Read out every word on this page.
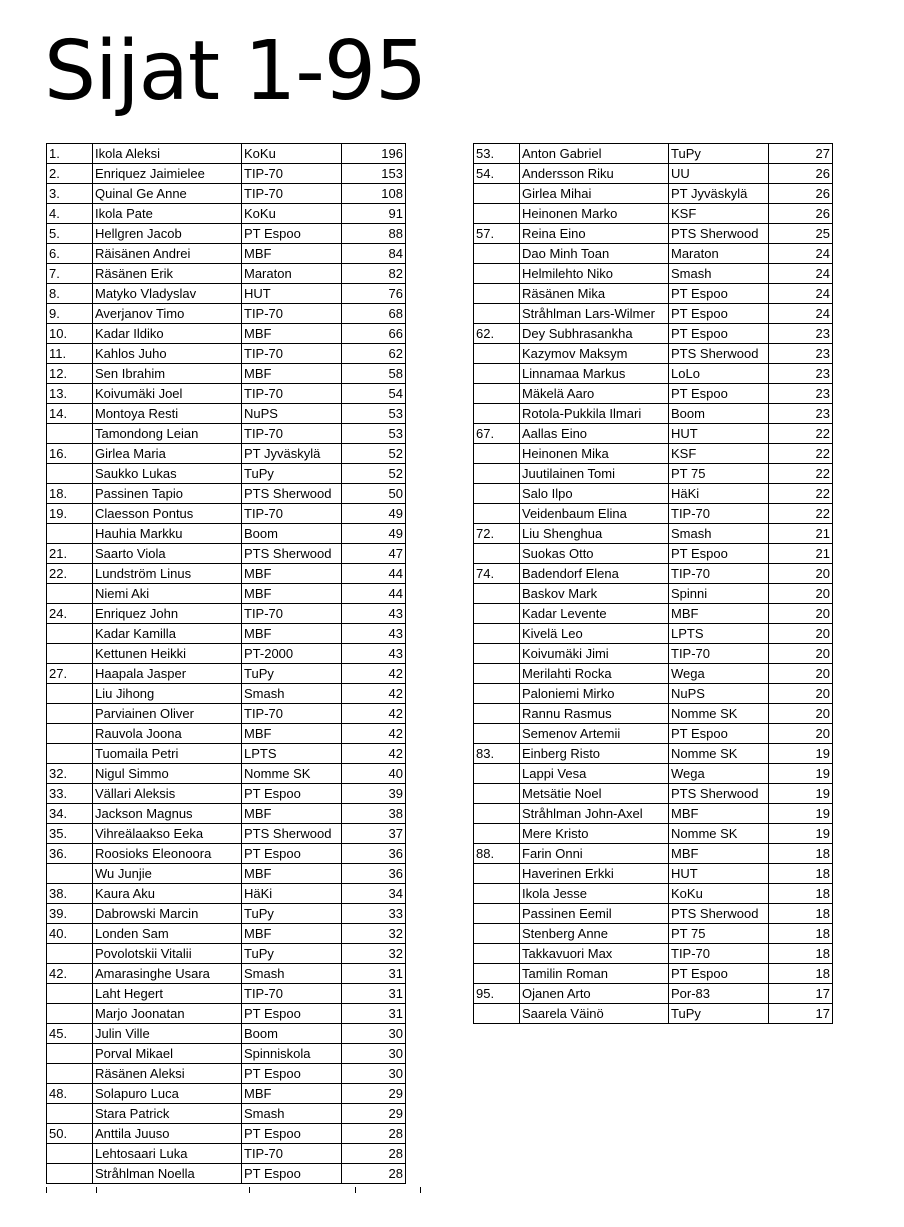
Sijat 1-95
1.	Ikola Aleksi	KoKu	196
2.	Enriquez Jaimielee	TIP-70	153
3.	Quinal Ge Anne	TIP-70	108
4.	Ikola Pate	KoKu	91
5.	Hellgren Jacob	PT Espoo	88
6.	Räisänen Andrei	MBF	84
7.	Räsänen Erik	Maraton	82
8.	Matyko Vladyslav	HUT	76
9.	Averjanov Timo	TIP-70	68
10.	Kadar Ildiko	MBF	66
11.	Kahlos Juho	TIP-70	62
12.	Sen Ibrahim	MBF	58
13.	Koivumäki Joel	TIP-70	54
14.	Montoya Resti	NuPS	53
	Tamondong Leian	TIP-70	53
16.	Girlea Maria	PT Jyväskylä	52
	Saukko Lukas	TuPy	52
18.	Passinen Tapio	PTS Sherwood	50
19.	Claesson Pontus	TIP-70	49
	Hauhia Markku	Boom	49
21.	Saarto Viola	PTS Sherwood	47
22.	Lundström Linus	MBF	44
	Niemi Aki	MBF	44
24.	Enriquez John	TIP-70	43
	Kadar Kamilla	MBF	43
	Kettunen Heikki	PT-2000	43
27.	Haapala Jasper	TuPy	42
	Liu Jihong	Smash	42
	Parviainen Oliver	TIP-70	42
	Rauvola Joona	MBF	42
	Tuomaila Petri	LPTS	42
32.	Nigul Simmo	Nomme SK	40
33.	Vällari Aleksis	PT Espoo	39
34.	Jackson Magnus	MBF	38
35.	Vihreälaakso Eeka	PTS Sherwood	37
36.	Roosioks Eleonoora	PT Espoo	36
	Wu Junjie	MBF	36
38.	Kaura Aku	HäKi	34
39.	Dabrowski Marcin	TuPy	33
40.	Londen Sam	MBF	32
	Povolotskii Vitalii	TuPy	32
42.	Amarasinghe Usara	Smash	31
	Laht Hegert	TIP-70	31
	Marjo Joonatan	PT Espoo	31
45.	Julin Ville	Boom	30
	Porval Mikael	Spinniskola	30
	Räsänen Aleksi	PT Espoo	30
48.	Solapuro Luca	MBF	29
	Stara Patrick	Smash	29
50.	Anttila Juuso	PT Espoo	28
	Lehtosaari Luka	TIP-70	28
	Stråhlman Noella	PT Espoo	28
53.	Anton Gabriel	TuPy	27
54.	Andersson Riku	UU	26
	Girlea Mihai	PT Jyväskylä	26
	Heinonen Marko	KSF	26
57.	Reina Eino	PTS Sherwood	25
	Dao Minh Toan	Maraton	24
	Helmilehto Niko	Smash	24
	Räsänen Mika	PT Espoo	24
	Stråhlman Lars-Wilmer	PT Espoo	24
62.	Dey Subhrasankha	PT Espoo	23
	Kazymov Maksym	PTS Sherwood	23
	Linnamaa Markus	LoLo	23
	Mäkelä Aaro	PT Espoo	23
	Rotola-Pukkila Ilmari	Boom	23
67.	Aallas Eino	HUT	22
	Heinonen Mika	KSF	22
	Juutilainen Tomi	PT 75	22
	Salo Ilpo	HäKi	22
	Veidenbaum Elina	TIP-70	22
72.	Liu Shenghua	Smash	21
	Suokas Otto	PT Espoo	21
74.	Badendorf Elena	TIP-70	20
	Baskov Mark	Spinni	20
	Kadar Levente	MBF	20
	Kivelä Leo	LPTS	20
	Koivumäki Jimi	TIP-70	20
	Merilahti Rocka	Wega	20
	Paloniemi Mirko	NuPS	20
	Rannu Rasmus	Nomme SK	20
	Semenov Artemii	PT Espoo	20
83.	Einberg Risto	Nomme SK	19
	Lappi Vesa	Wega	19
	Metsätie Noel	PTS Sherwood	19
	Stråhlman John-Axel	MBF	19
	Mere Kristo	Nomme SK	19
88.	Farin Onni	MBF	18
	Haverinen Erkki	HUT	18
	Ikola Jesse	KoKu	18
	Passinen Eemil	PTS Sherwood	18
	Stenberg Anne	PT 75	18
	Takkavuori Max	TIP-70	18
	Tamilin Roman	PT Espoo	18
95.	Ojanen Arto	Por-83	17
	Saarela Väinö	TuPy	17
